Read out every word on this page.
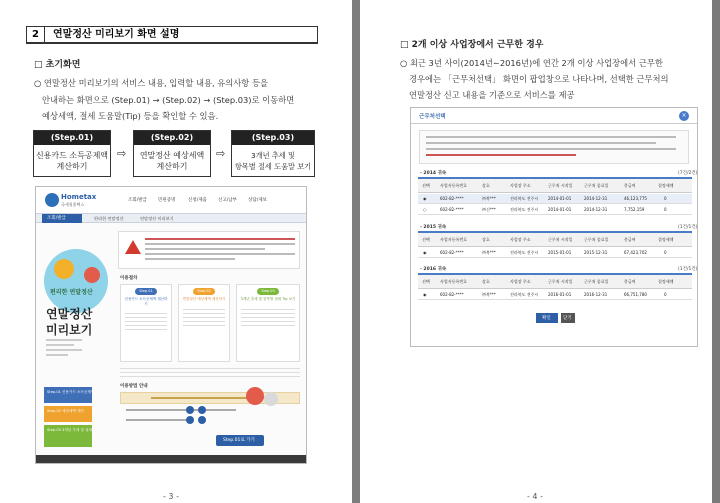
2	연말정산 미리보기 화면 설명
□ 초기화면
○ 연말정산 미리보기의 서비스 내용, 입력할 내용, 유의사항 등을
안내하는 화면으로 (Step.01) → (Step.02) → (Step.03)로 이동하면
예상세액, 절세 도움말(Tip) 등을 확인할 수 있음.
(Step.01)
신용카드 소득공제액
계산하기
⇨
(Step.02)
연말정산 예상세액
계산하기
⇨
(Step.03)
3개년 추세 및
항목별 절세 도움말 보기
Hometax
국세청홈택스
조회/발급 민원증명	신청/제출 신고/납부 상담/제보
조회/발급	편리한 연말정산	연말정산 미리보기
편리한 연말정산
연말정산
미리보기
Step.01 신용카드 소득공제액
Step.02 예상세액 계산
Step.03 3개년 추세 및 절세 Tip 보기
이용절차
Step.01
신용카드 소득공제액 계산하기
Step.02
연말정산 예상세액 계산하기
Step.03
3개년 추세 및 항목별 절세 Tip 보기
이용방법 안내
Step.01로 가기
- 3 -
□ 2개 이상 사업장에서 근무한 경우
○ 최근 3년 사이(2014년∼2016년)에 연간 2개 이상 사업장에서 근무한
경우에는 「근무처선택」 화면이 팝업창으로 나타나며, 선택한 근무처의
연말정산 신고 내용을 기준으로 서비스를 제공
근무처선택	×
- 2014 귀속	(7건/2건)
선택	사업자등록번호	상호	사업장 주소	근무처 시작일	근무처 종료일	총급여	결정세액
◉	602-82-****	㈜북***	전라북도 전주시 2014-01-01	2014-12-31	46,123,775	0
○	602-82-****	㈜신***	전라북도 전주시 2014-01-01	2014-12-31	7,752,159	0
- 2015 귀속	(1건/1건)
선택	사업자등록번호	상호	사업장 주소	근무처 시작일	근무처 종료일	총급여	결정세액
◉	602-82-****	㈜북***	전라북도 전주시 2015-01-01	2015-12-31	67,423,702	0
- 2016 귀속	(1건/1건)
선택	사업자등록번호	상호	사업장 주소	근무처 시작일	근무처 종료일	총급여	결정세액
◉	602-82-****	㈜북***	전라북도 전주시 2016-01-01	2016-12-31	66,751,780	0
확인	닫기
- 4 -
